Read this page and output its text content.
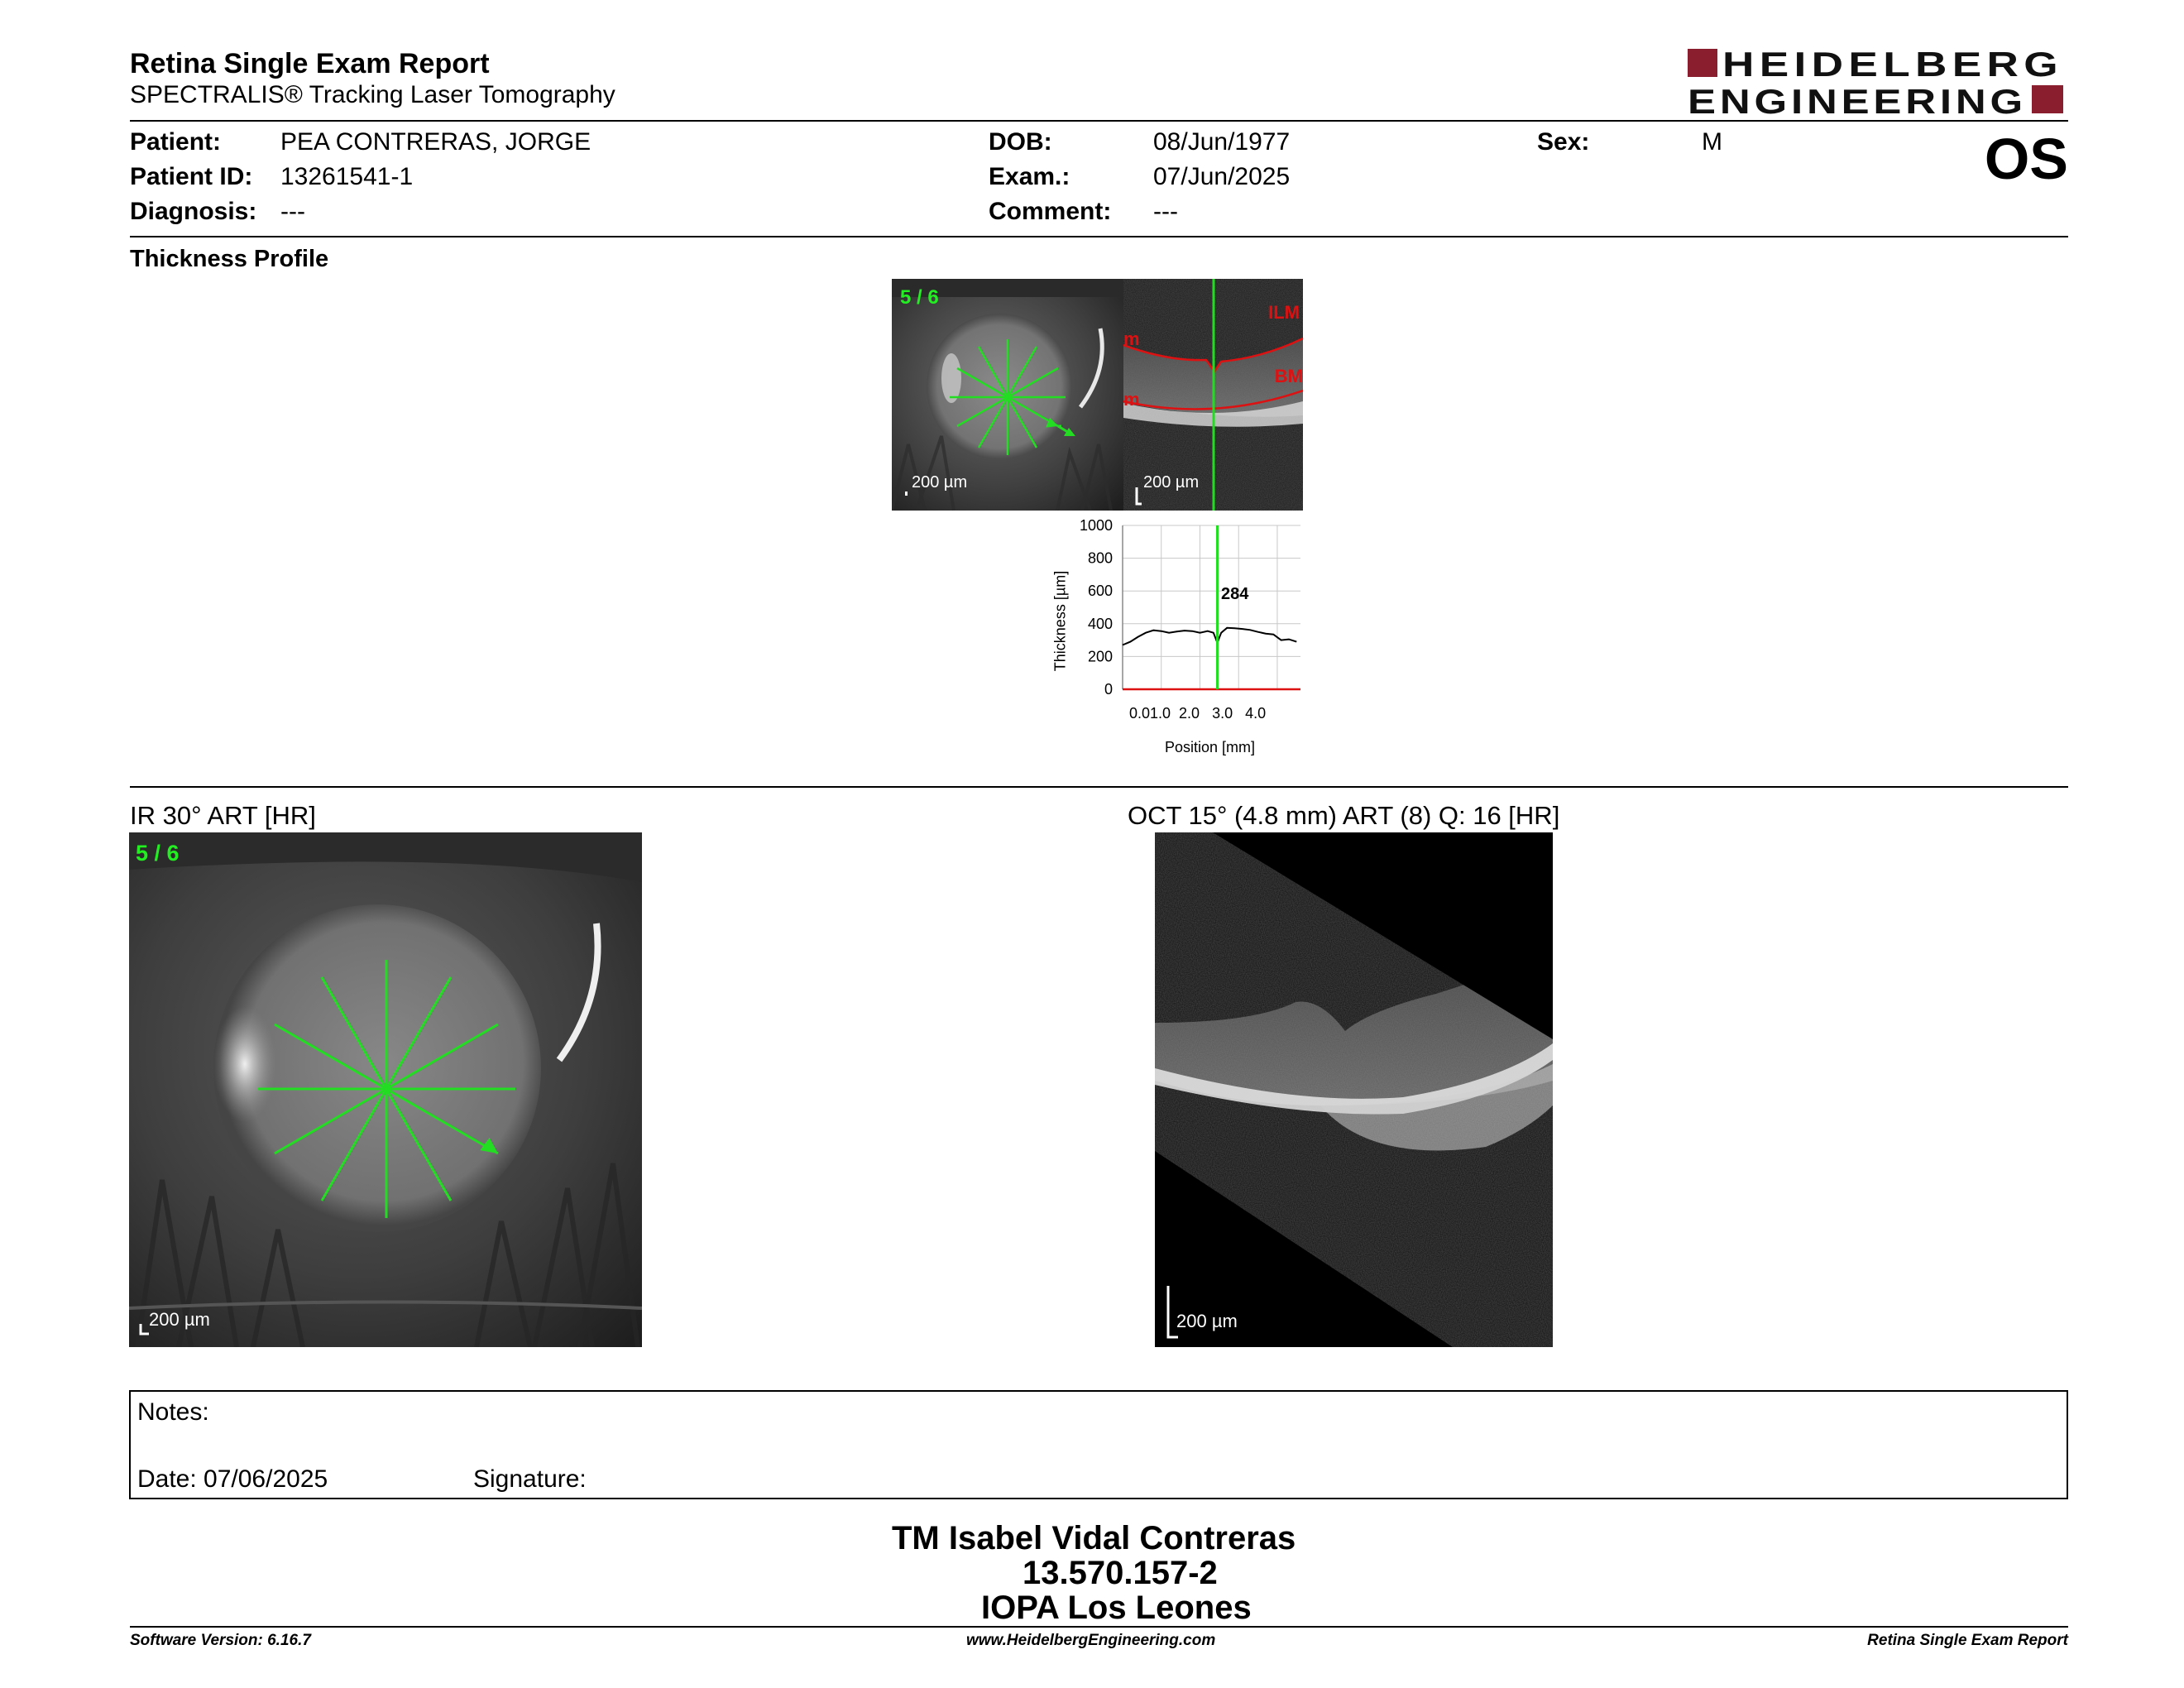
Retina Single Exam Report
SPECTRALIS® Tracking Laser Tomography
HEIDELBERG
ENGINEERING
Patient: PEA CONTRERAS, JORGE
Patient ID: 13261541-1
Diagnosis: ---
DOB:	08/Jun/1977
Exam.:	07/Jun/2025
Comment: ---
Sex:	M	OS
Thickness Profile
5 / 6
200 µm
ILM
BM
m
m
200 µm
0
200
400
600
800
1000
0.01.0  2.0   3.0   4.0
Position [mm]
Thickness [µm]	284
IR 30° ART [HR]	OCT 15° (4.8 mm) ART (8) Q: 16 [HR]
5 / 6
200 µm	200 µm
Notes:
Date: 07/06/2025	Signature:
TM Isabel Vidal Contreras
13.570.157-2
IOPA Los Leones
Software Version: 6.16.7	www.HeidelbergEngineering.com	Retina Single Exam Report
